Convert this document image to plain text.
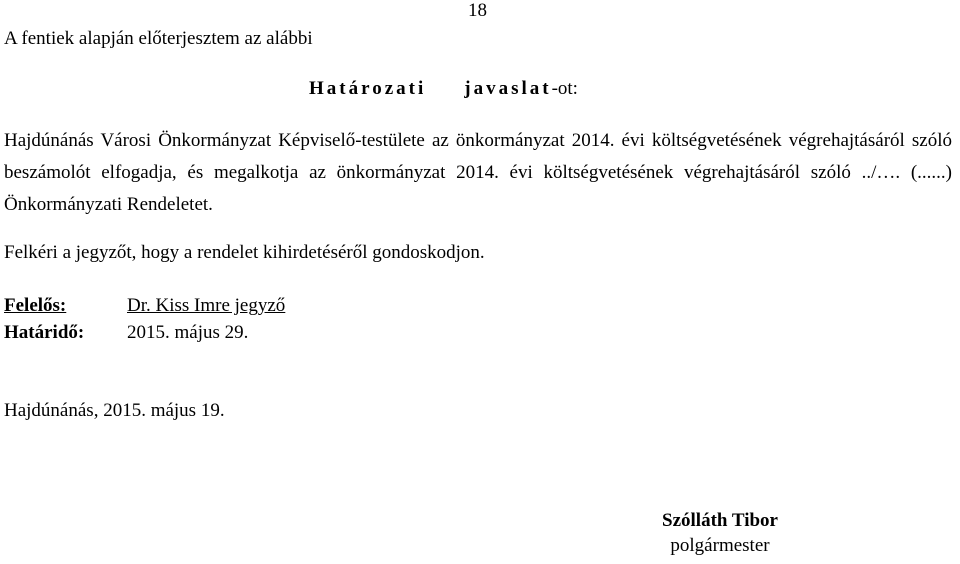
18
A fentiek alapján előterjesztem az alábbi
Határozati javaslat-ot:
Hajdúnánás Városi Önkormányzat Képviselő-testülete az önkormányzat 2014. évi költségvetésének végrehajtásáról szóló beszámolót elfogadja, és megalkotja az önkormányzat 2014. évi költségvetésének végrehajtásáról szóló ../…. (......) Önkormányzati Rendeletet.
Felkéri a jegyzőt, hogy a rendelet kihirdetéséről gondoskodjon.
Felelős:	Dr. Kiss Imre jegyző
Határidő: 2015. május 29.
Hajdúnánás, 2015. május 19.
Szólláth Tibor
polgármester
